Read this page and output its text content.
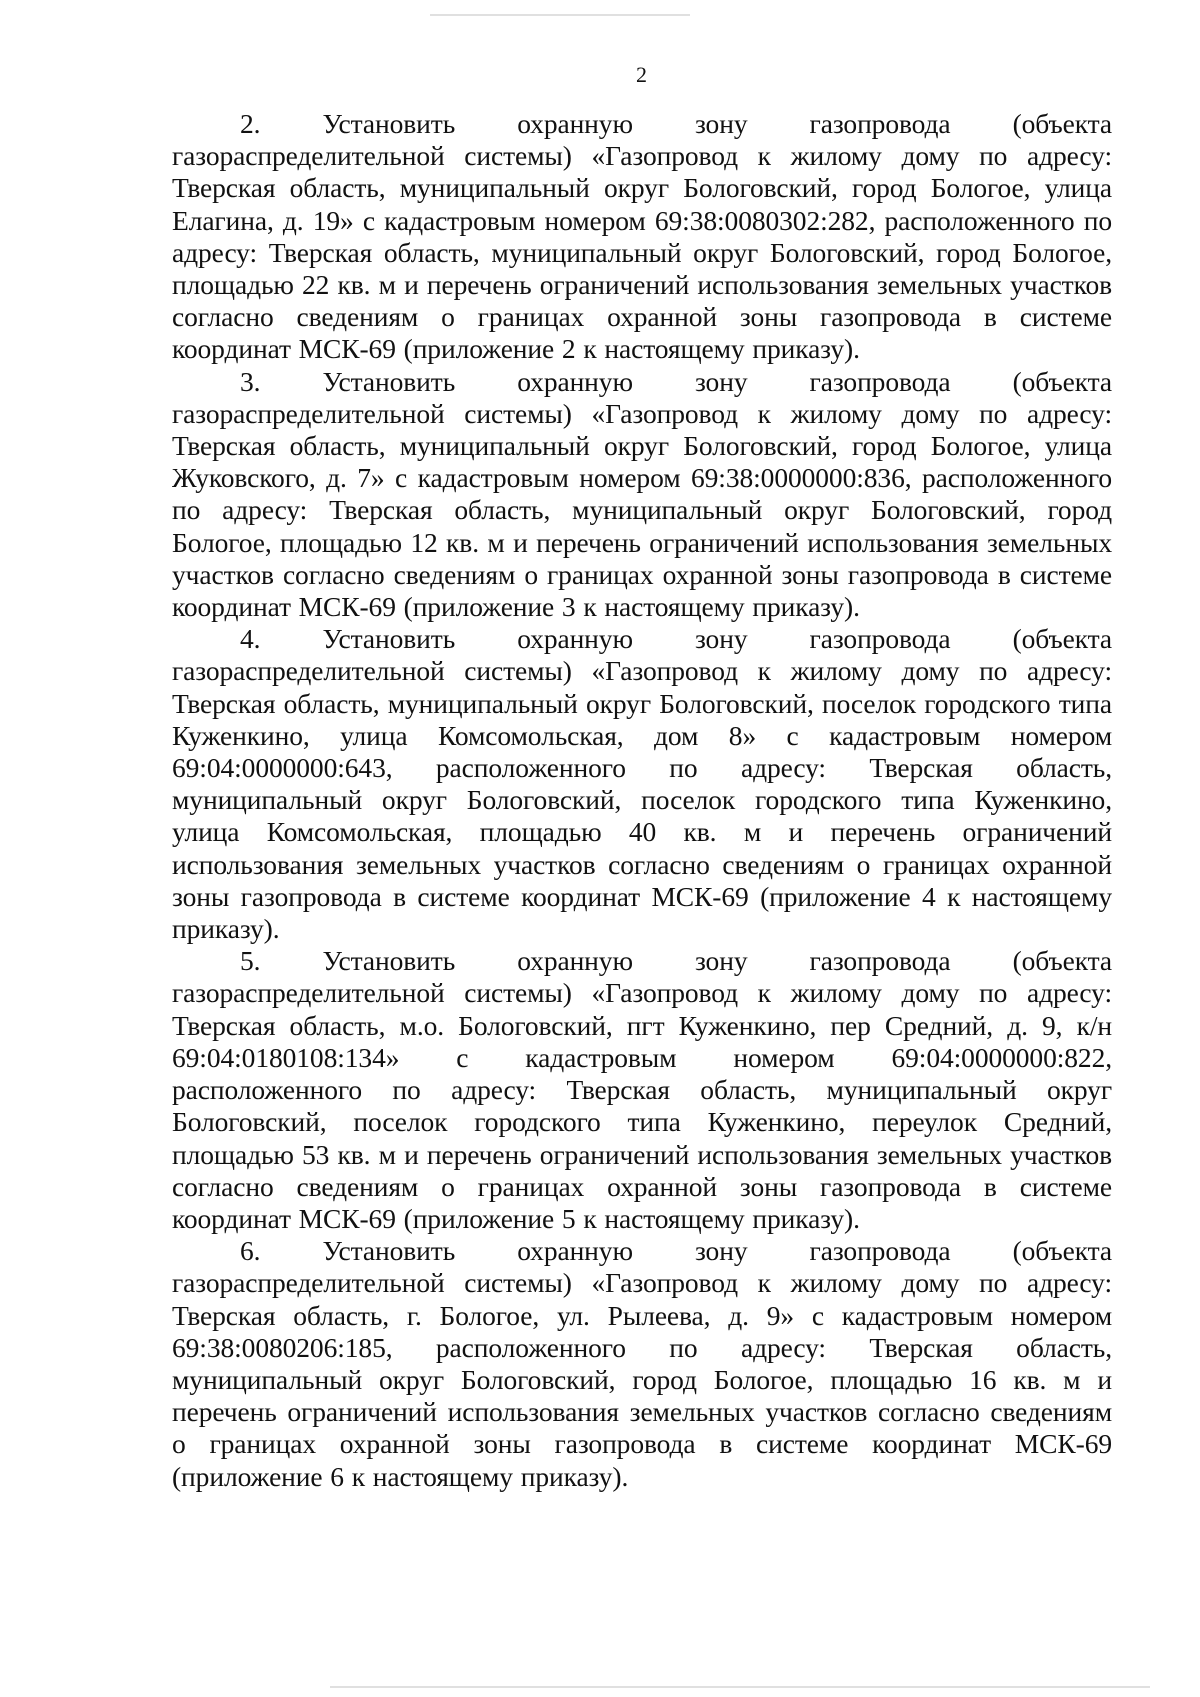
2

2. Установить охранную зону газопровода (объекта газораспределительной системы) «Газопровод к жилому дому по адресу: Тверская область, муниципальный округ Бологовский, город Бологое, улица Елагина, д. 19» с кадастровым номером 69:38:0080302:282, расположенного по адресу: Тверская область, муниципальный округ Бологовский, город Бологое, площадью 22 кв. м и перечень ограничений использования земельных участков согласно сведениям о границах охранной зоны газопровода в системе координат МСК-69 (приложение 2 к настоящему приказу).

3. Установить охранную зону газопровода (объекта газораспределительной системы) «Газопровод к жилому дому по адресу: Тверская область, муниципальный округ Бологовский, город Бологое, улица Жуковского, д. 7» с кадастровым номером 69:38:0000000:836, расположенного по адресу: Тверская область, муниципальный округ Бологовский, город Бологое, площадью 12 кв. м и перечень ограничений использования земельных участков согласно сведениям о границах охранной зоны газопровода в системе координат МСК-69 (приложение 3 к настоящему приказу).

4. Установить охранную зону газопровода (объекта газораспределительной системы) «Газопровод к жилому дому по адресу: Тверская область, муниципальный округ Бологовский, поселок городского типа Куженкино, улица Комсомольская, дом 8» с кадастровым номером 69:04:0000000:643, расположенного по адресу: Тверская область, муниципальный округ Бологовский, поселок городского типа Куженкино, улица Комсомольская, площадью 40 кв. м и перечень ограничений использования земельных участков согласно сведениям о границах охранной зоны газопровода в системе координат МСК-69 (приложение 4 к настоящему приказу).

5. Установить охранную зону газопровода (объекта газораспределительной системы) «Газопровод к жилому дому по адресу: Тверская область, м.о. Бологовский, пгт Куженкино, пер Средний, д. 9, к/н 69:04:0180108:134» с кадастровым номером 69:04:0000000:822, расположенного по адресу: Тверская область, муниципальный округ Бологовский, поселок городского типа Куженкино, переулок Средний, площадью 53 кв. м и перечень ограничений использования земельных участков согласно сведениям о границах охранной зоны газопровода в системе координат МСК-69 (приложение 5 к настоящему приказу).

6. Установить охранную зону газопровода (объекта газораспределительной системы) «Газопровод к жилому дому по адресу: Тверская область, г. Бологое, ул. Рылеева, д. 9» с кадастровым номером 69:38:0080206:185, расположенного по адресу: Тверская область, муниципальный округ Бологовский, город Бологое, площадью 16 кв. м и перечень ограничений использования земельных участков согласно сведениям о границах охранной зоны газопровода в системе координат МСК-69 (приложение 6 к настоящему приказу).
